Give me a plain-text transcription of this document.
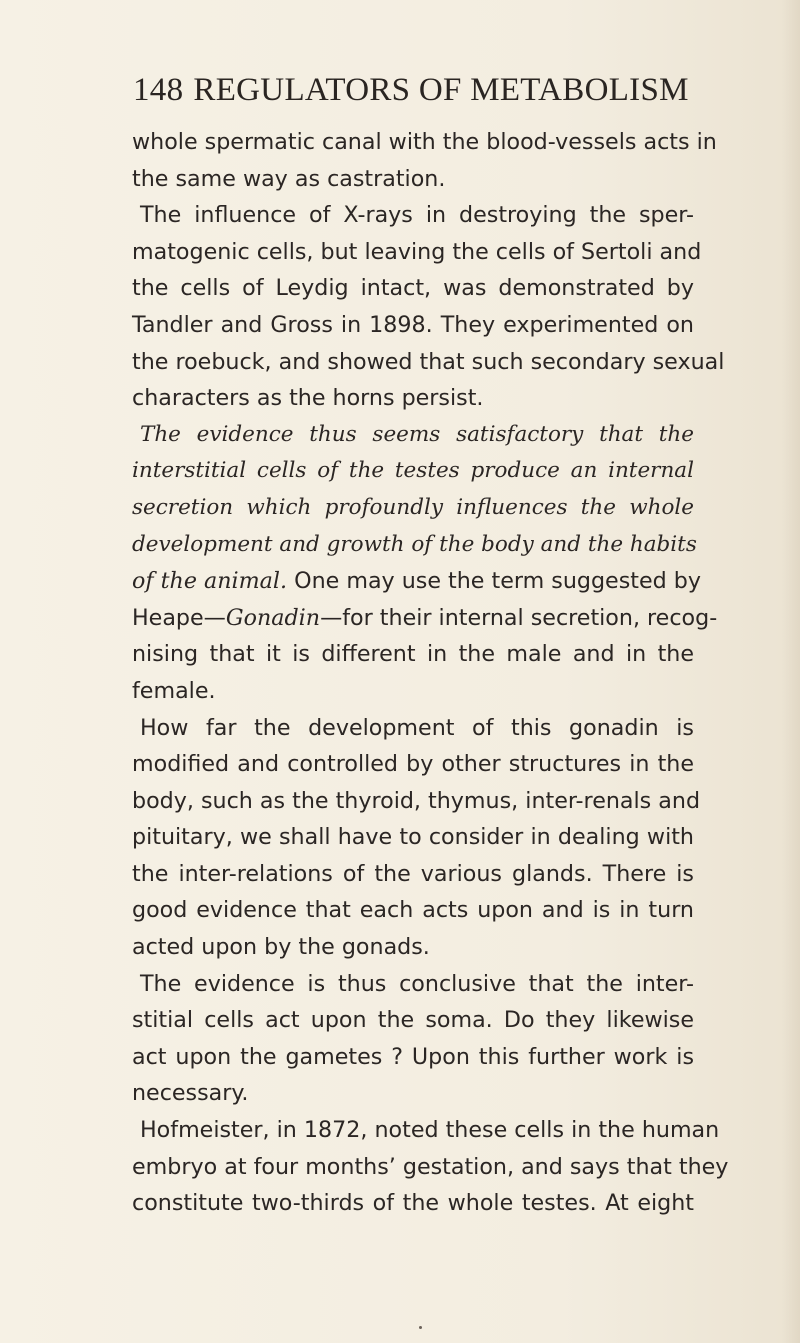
148 REGULATORS OF METABOLISM
whole spermatic canal with the blood-vessels acts in
the same way as castration.
The influence of X-rays in destroying the sper-
matogenic cells, but leaving the cells of Sertoli and
the cells of Leydig intact, was demonstrated by
Tandler and Gross in 1898. They experimented on
the roebuck, and showed that such secondary sexual
characters as the horns persist.
The evidence thus seems satisfactory that the
interstitial cells of the testes produce an internal
secretion which profoundly influences the whole
development and growth of the body and the habits
of the animal. One may use the term suggested by
Heape—Gonadin—for their internal secretion, recog-
nising that it is different in the male and in the
female.
How far the development of this gonadin is
modified and controlled by other structures in the
body, such as the thyroid, thymus, inter-renals and
pituitary, we shall have to consider in dealing with
the inter-relations of the various glands. There is
good evidence that each acts upon and is in turn
acted upon by the gonads.
The evidence is thus conclusive that the inter-
stitial cells act upon the soma. Do they likewise
act upon the gametes ? Upon this further work is
necessary.
Hofmeister, in 1872, noted these cells in the human
embryo at four months’ gestation, and says that they
constitute two-thirds of the whole testes. At eight
